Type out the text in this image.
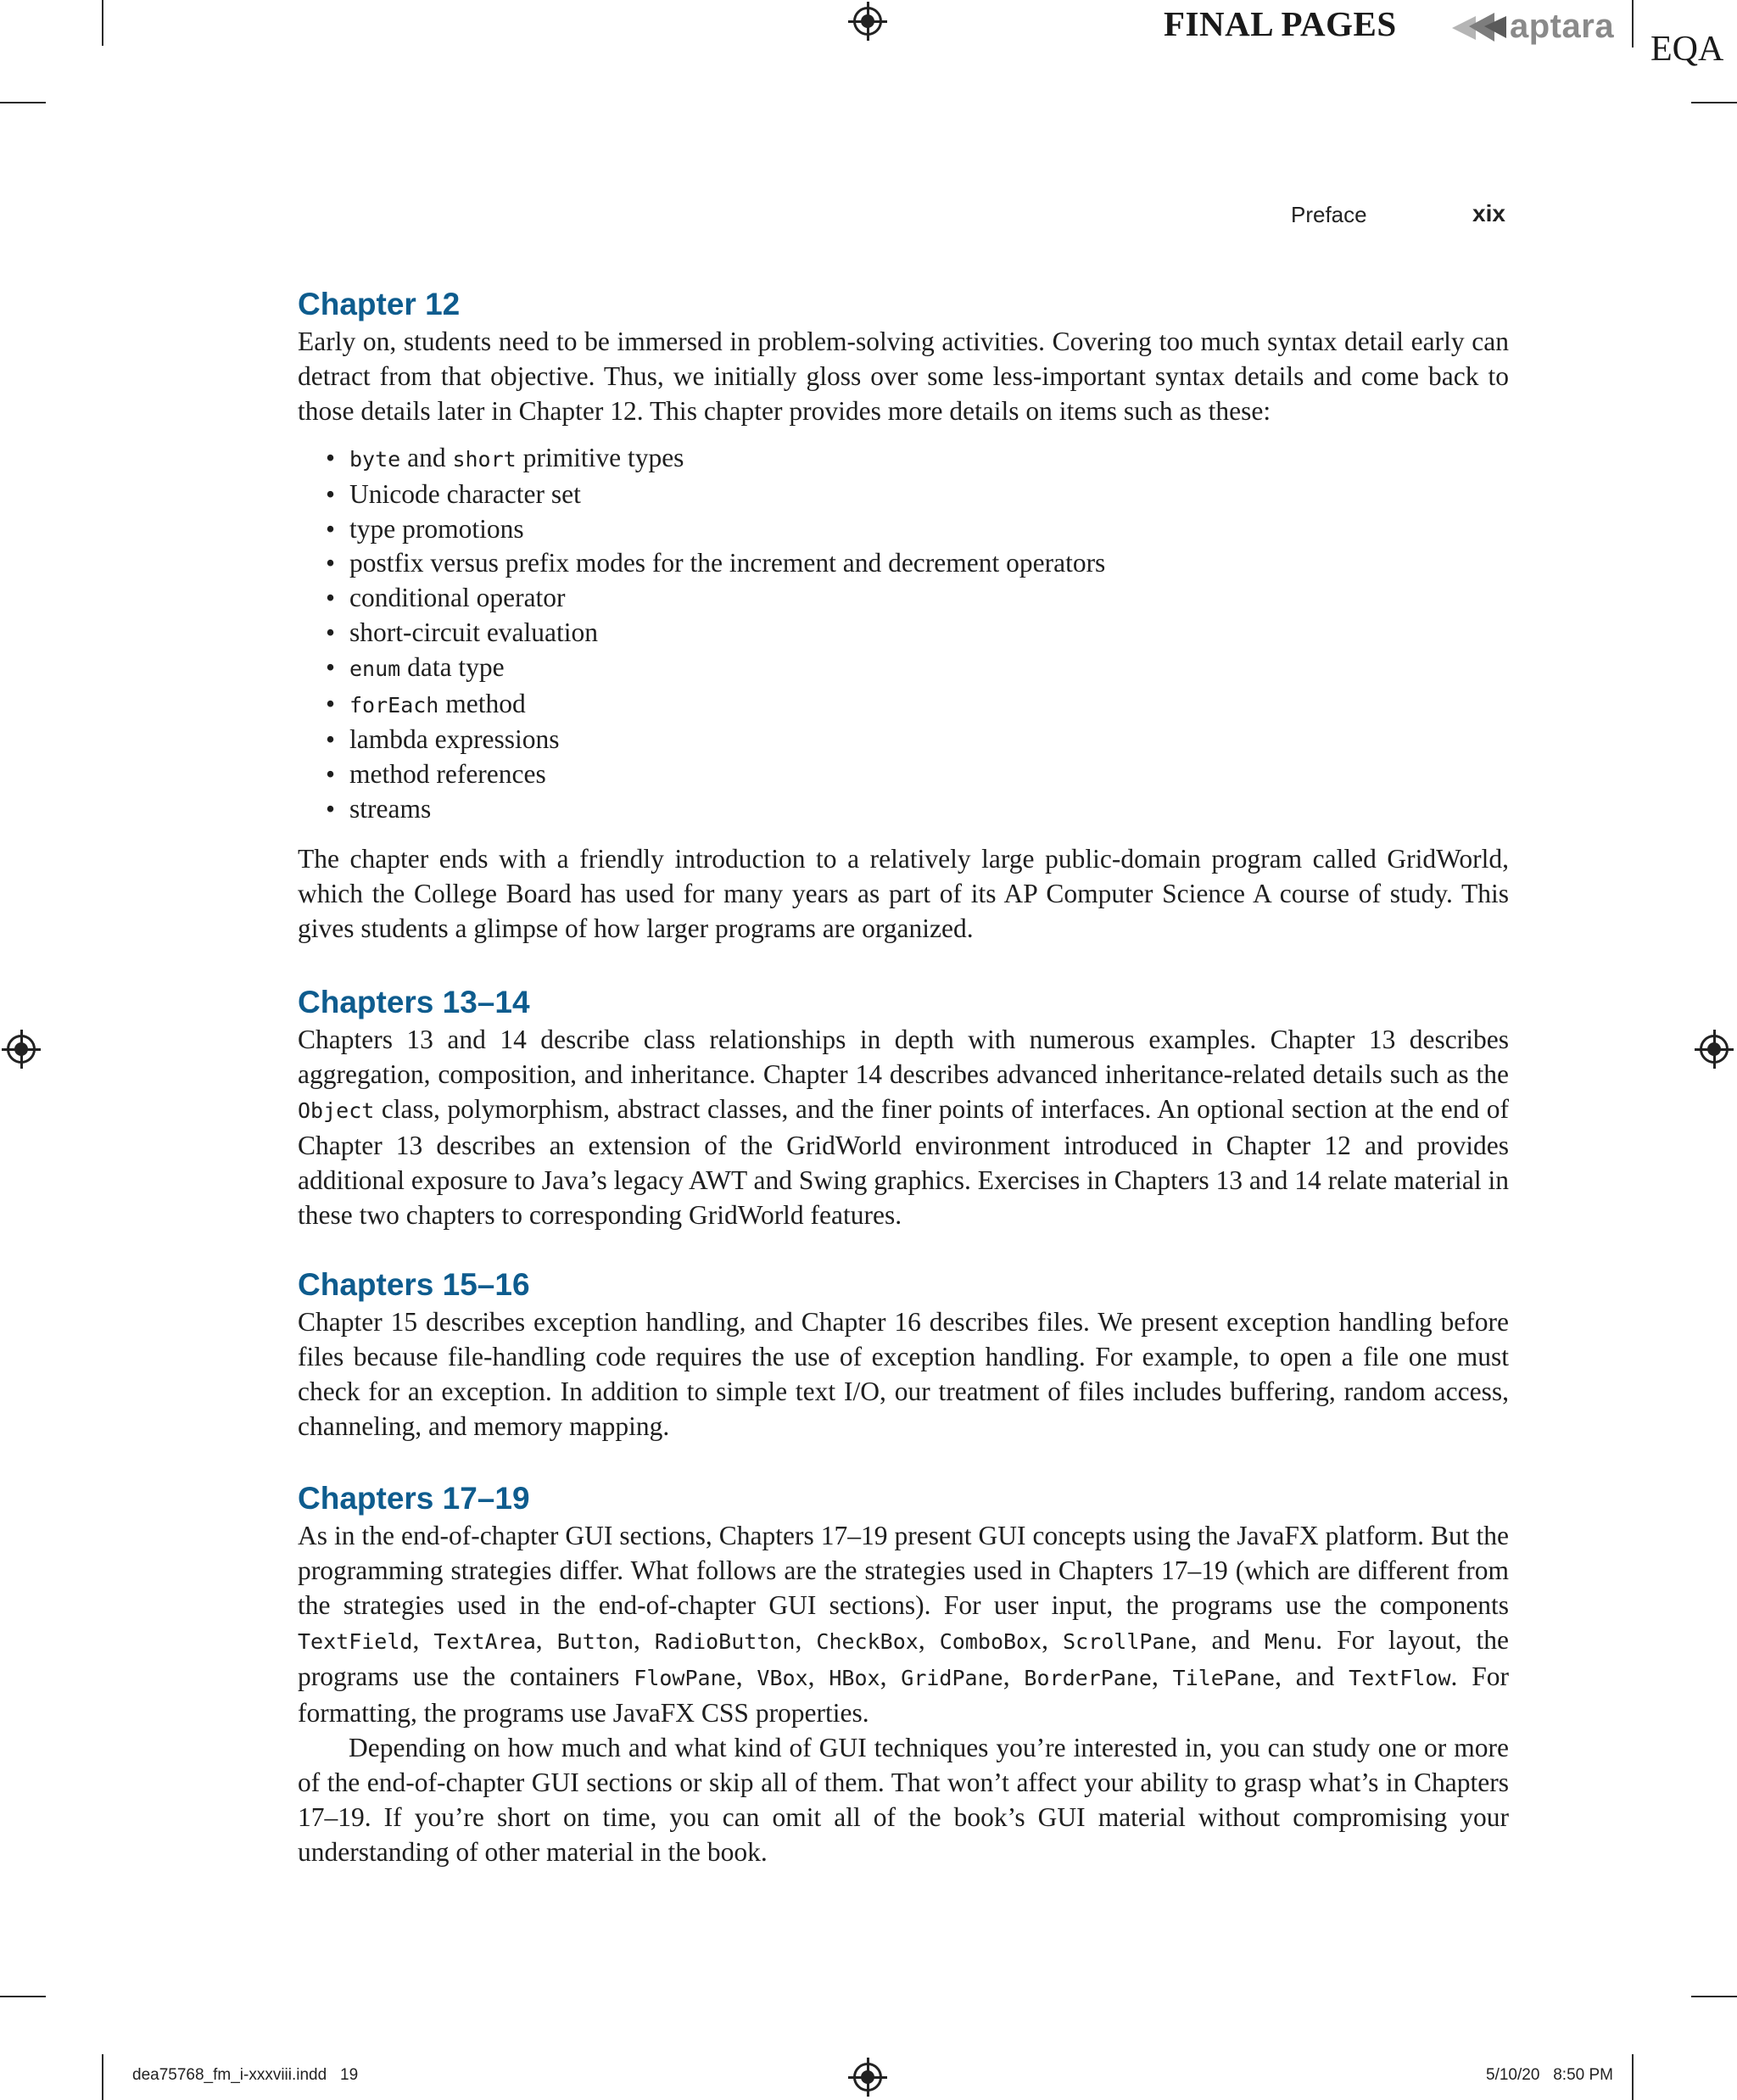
FINAL PAGES	aptara
EQA
Preface	xix
Chapter 12

Early on, students need to be immersed in problem-solving activities. Covering too much syntax detail early can detract from that objective. Thus, we initially gloss over some less-important syntax details and come back to those details later in Chapter 12. This chapter provides more details on items such as these:

• byte and short primitive types
• Unicode character set
• type promotions
• postfix versus prefix modes for the increment and decrement operators
• conditional operator
• short-circuit evaluation
• enum data type
• forEach method
• lambda expressions
• method references
• streams

The chapter ends with a friendly introduction to a relatively large public-domain program called GridWorld, which the College Board has used for many years as part of its AP Computer Science A course of study. This gives students a glimpse of how larger programs are organized.

Chapters 13–14

Chapters 13 and 14 describe class relationships in depth with numerous examples. Chapter 13 describes aggregation, composition, and inheritance. Chapter 14 describes advanced inheritance-related details such as the Object class, polymorphism, abstract classes, and the finer points of interfaces. An optional section at the end of Chapter 13 describes an extension of the GridWorld environment introduced in Chapter 12 and provides additional exposure to Java’s legacy AWT and Swing graphics. Exercises in Chapters 13 and 14 relate material in these two chapters to corresponding GridWorld features.

Chapters 15–16

Chapter 15 describes exception handling, and Chapter 16 describes files. We present exception handling before files because file-handling code requires the use of exception handling. For example, to open a file one must check for an exception. In addition to simple text I/O, our treatment of files includes buffering, random access, channeling, and memory mapping.

Chapters 17–19

As in the end-of-chapter GUI sections, Chapters 17–19 present GUI concepts using the JavaFX platform. But the programming strategies differ. What follows are the strategies used in Chapters 17–19 (which are different from the strategies used in the end-of-chapter GUI sections). For user input, the programs use the components TextField, TextArea, Button, RadioButton, CheckBox, ComboBox, ScrollPane, and Menu. For layout, the programs use the containers FlowPane, VBox, HBox, GridPane, BorderPane, TilePane, and TextFlow. For formatting, the programs use JavaFX CSS properties.

Depending on how much and what kind of GUI techniques you’re interested in, you can study one or more of the end-of-chapter GUI sections or skip all of them. That won’t affect your ability to grasp what’s in Chapters 17–19. If you’re short on time, you can omit all of the book’s GUI material without compromising your understanding of other material in the book.

dea75768_fm_i-xxxviii.indd   19	5/10/20   8:50 PM
